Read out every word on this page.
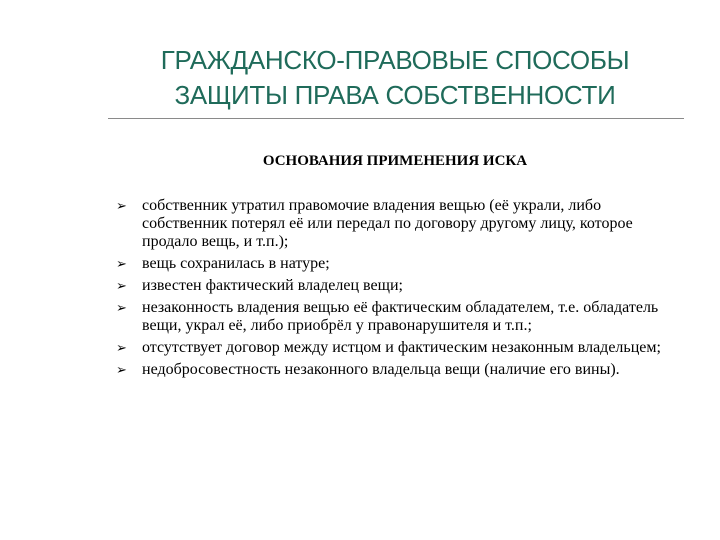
ГРАЖДАНСКО-ПРАВОВЫЕ СПОСОБЫ
ЗАЩИТЫ ПРАВА СОБСТВЕННОСТИ
ОСНОВАНИЯ ПРИМЕНЕНИЯ ИСКА
➢ собственник утратил правомочие владения вещью (её украли, либо собственник потерял её или передал по договору другому лицу, которое продало вещь, и т.п.);
➢ вещь сохранилась в натуре;
➢ известен фактический владелец вещи;
➢ незаконность владения вещью её фактическим обладателем, т.е. обладатель вещи, украл её, либо приобрёл у правонарушителя и т.п.;
➢ отсутствует договор между истцом и фактическим незаконным владельцем;
➢ недобросовестность незаконного владельца вещи (наличие его вины).
